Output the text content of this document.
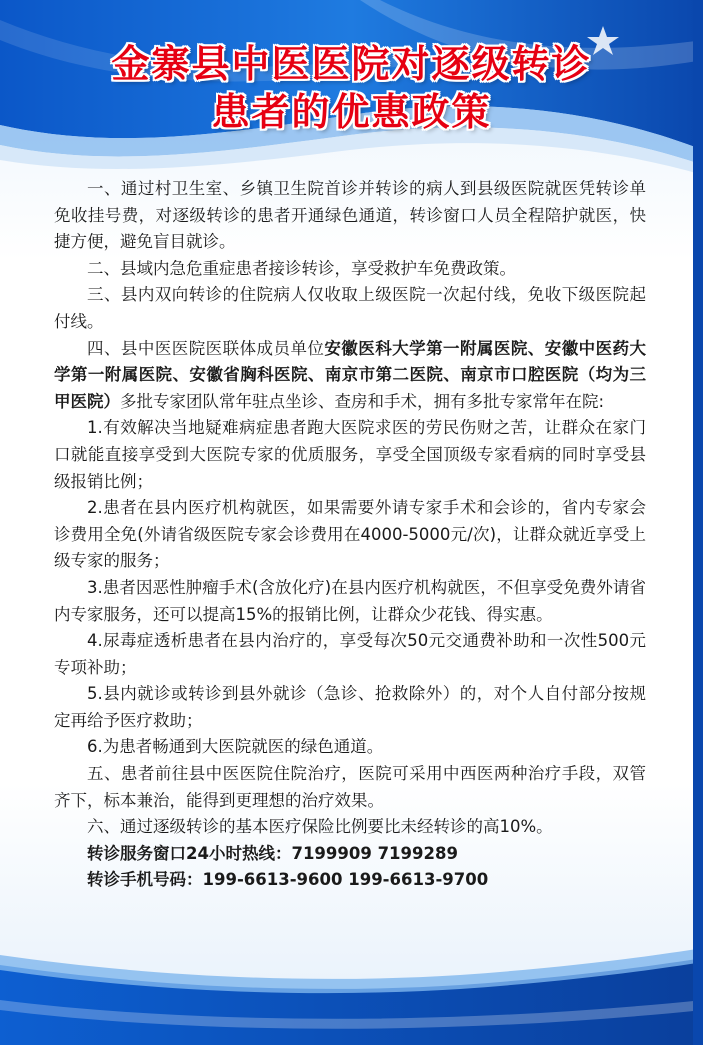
金寨县中医医院对逐级转诊
患者的优惠政策

一、通过村卫生室、乡镇卫生院首诊并转诊的病人到县级医院就医凭转诊单免收挂号费，对逐级转诊的患者开通绿色通道，转诊窗口人员全程陪护就医，快捷方便，避免盲目就诊。

二、县域内急危重症患者接诊转诊，享受救护车免费政策。

三、县内双向转诊的住院病人仅收取上级医院一次起付线，免收下级医院起付线。

四、县中医医院医联体成员单位安徽医科大学第一附属医院、安徽中医药大学第一附属医院、安徽省胸科医院、南京市第二医院、南京市口腔医院（均为三甲医院）多批专家团队常年驻点坐诊、查房和手术，拥有多批专家常年在院:

1.有效解决当地疑难病症患者跑大医院求医的劳民伤财之苦，让群众在家门口就能直接享受到大医院专家的优质服务，享受全国顶级专家看病的同时享受县级报销比例；

2.患者在县内医疗机构就医，如果需要外请专家手术和会诊的，省内专家会诊费用全免(外请省级医院专家会诊费用在4000-5000元/次)，让群众就近享受上级专家的服务；

3.患者因恶性肿瘤手术(含放化疗)在县内医疗机构就医，不但享受免费外请省内专家服务，还可以提高15%的报销比例，让群众少花钱、得实惠。

4.尿毒症透析患者在县内治疗的，享受每次50元交通费补助和一次性500元专项补助；

5.县内就诊或转诊到县外就诊（急诊、抢救除外）的，对个人自付部分按规定再给予医疗救助；

6.为患者畅通到大医院就医的绿色通道。

五、患者前往县中医医院住院治疗，医院可采用中西医两种治疗手段，双管齐下，标本兼治，能得到更理想的治疗效果。

六、通过逐级转诊的基本医疗保险比例要比未经转诊的高10%。

转诊服务窗口24小时热线：7199909 7199289

转诊手机号码：199-6613-9600 199-6613-9700
